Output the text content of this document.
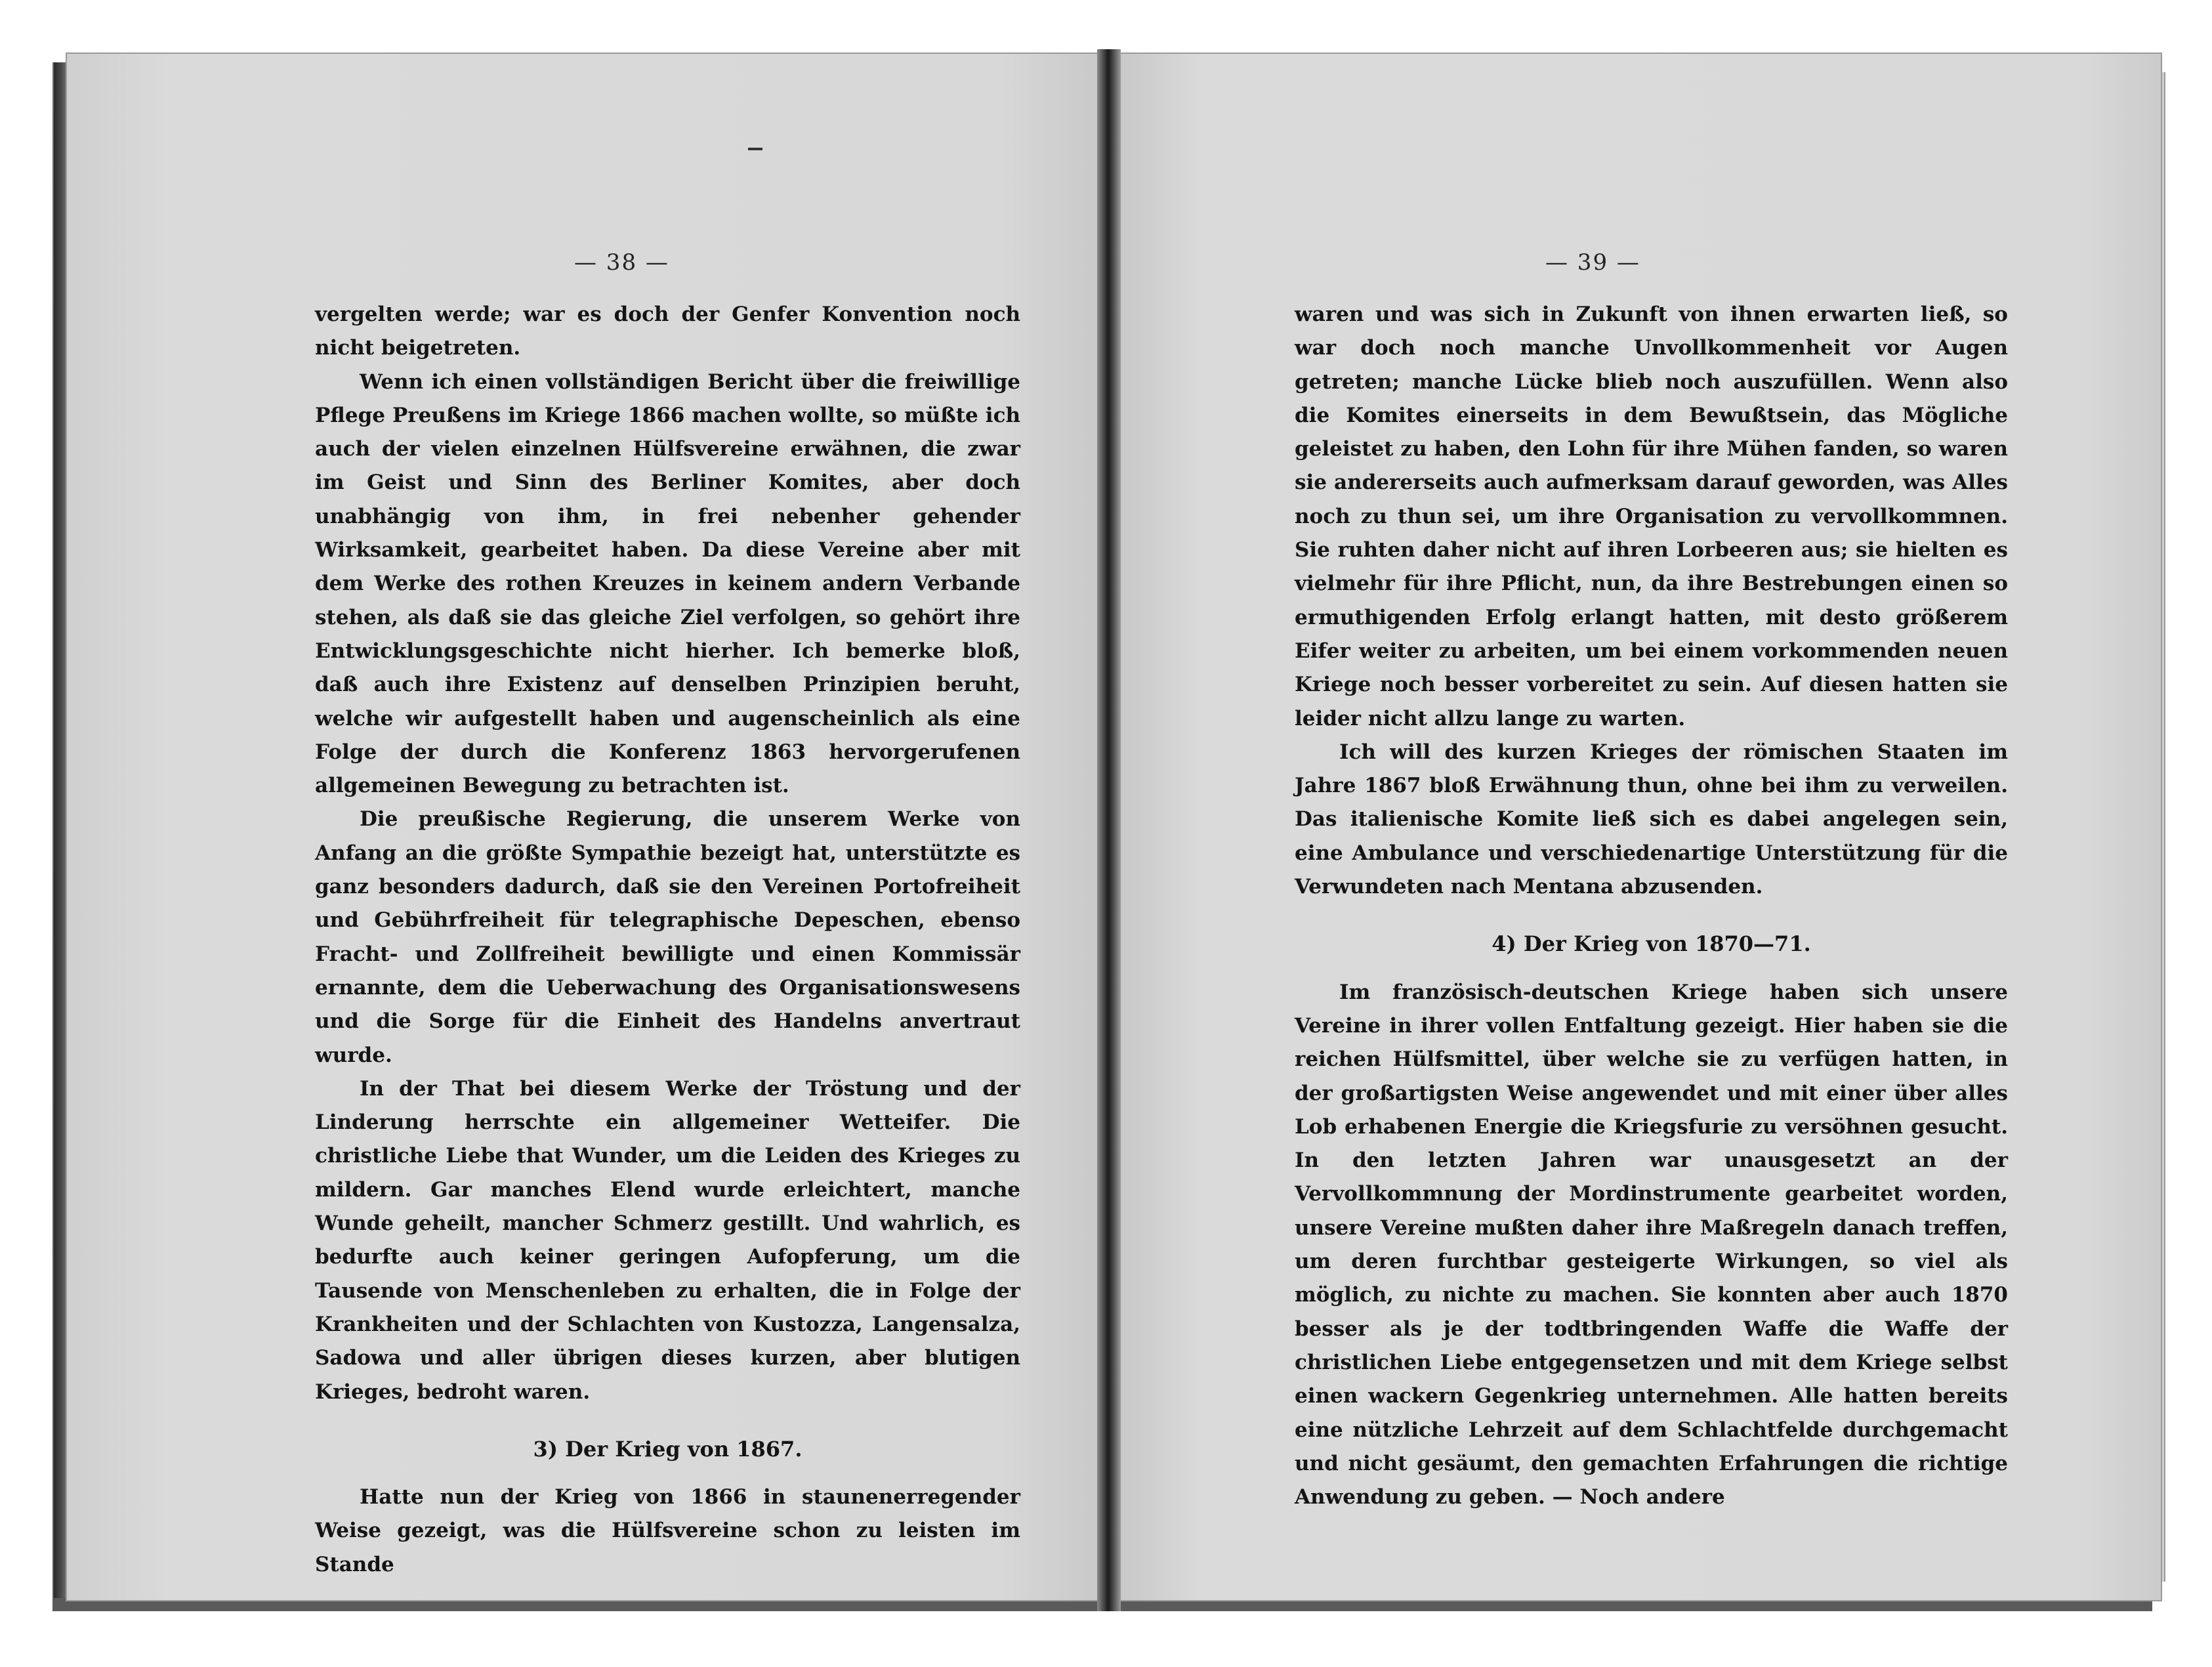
— 38 —

vergelten werde; war es doch der Genfer Konvention noch nicht beigetreten.

Wenn ich einen vollständigen Bericht über die freiwillige Pflege Preußens im Kriege 1866 machen wollte, so müßte ich auch der vielen einzelnen Hülfsvereine erwähnen, die zwar im Geist und Sinn des Berliner Komites, aber doch unabhängig von ihm, in frei nebenher gehender Wirksamkeit, gearbeitet haben. Da diese Vereine aber mit dem Werke des rothen Kreuzes in keinem andern Verbande stehen, als daß sie das gleiche Ziel verfolgen, so gehört ihre Entwicklungsgeschichte nicht hierher. Ich bemerke bloß, daß auch ihre Existenz auf denselben Prinzipien beruht, welche wir aufgestellt haben und augenscheinlich als eine Folge der durch die Konferenz 1863 hervorgerufenen allgemeinen Bewegung zu betrachten ist.

Die preußische Regierung, die unserem Werke von Anfang an die größte Sympathie bezeigt hat, unterstützte es ganz besonders dadurch, daß sie den Vereinen Portofreiheit und Gebührfreiheit für telegraphische Depeschen, ebenso Fracht- und Zollfreiheit bewilligte und einen Kommissär ernannte, dem die Ueberwachung des Organisationswesens und die Sorge für die Einheit des Handelns anvertraut wurde.

In der That bei diesem Werke der Tröstung und der Linderung herrschte ein allgemeiner Wetteifer. Die christliche Liebe that Wunder, um die Leiden des Krieges zu mildern. Gar manches Elend wurde erleichtert, manche Wunde geheilt, mancher Schmerz gestillt. Und wahrlich, es bedurfte auch keiner geringen Aufopferung, um die Tausende von Menschenleben zu erhalten, die in Folge der Krankheiten und der Schlachten von Kustozza, Langensalza, Sadowa und aller übrigen dieses kurzen, aber blutigen Krieges, bedroht waren.

3) Der Krieg von 1867.

Hatte nun der Krieg von 1866 in staunenerregender Weise gezeigt, was die Hülfsvereine schon zu leisten im Stande

— 39 —

waren und was sich in Zukunft von ihnen erwarten ließ, so war doch noch manche Unvollkommenheit vor Augen getreten; manche Lücke blieb noch auszufüllen. Wenn also die Komites einerseits in dem Bewußtsein, das Mögliche geleistet zu haben, den Lohn für ihre Mühen fanden, so waren sie andererseits auch aufmerksam darauf geworden, was Alles noch zu thun sei, um ihre Organisation zu vervollkommnen. Sie ruhten daher nicht auf ihren Lorbeeren aus; sie hielten es vielmehr für ihre Pflicht, nun, da ihre Bestrebungen einen so ermuthigenden Erfolg erlangt hatten, mit desto größerem Eifer weiter zu arbeiten, um bei einem vorkommenden neuen Kriege noch besser vorbereitet zu sein. Auf diesen hatten sie leider nicht allzu lange zu warten.

Ich will des kurzen Krieges der römischen Staaten im Jahre 1867 bloß Erwähnung thun, ohne bei ihm zu verweilen. Das italienische Komite ließ sich es dabei angelegen sein, eine Ambulance und verschiedenartige Unterstützung für die Verwundeten nach Mentana abzusenden.

4) Der Krieg von 1870—71.

Im französisch-deutschen Kriege haben sich unsere Vereine in ihrer vollen Entfaltung gezeigt. Hier haben sie die reichen Hülfsmittel, über welche sie zu verfügen hatten, in der großartigsten Weise angewendet und mit einer über alles Lob erhabenen Energie die Kriegsfurie zu versöhnen gesucht. In den letzten Jahren war unausgesetzt an der Vervollkommnung der Mordinstrumente gearbeitet worden, unsere Vereine mußten daher ihre Maßregeln danach treffen, um deren furchtbar gesteigerte Wirkungen, so viel als möglich, zu nichte zu machen. Sie konnten aber auch 1870 besser als je der todtbringenden Waffe die Waffe der christlichen Liebe entgegensetzen und mit dem Kriege selbst einen wackern Gegenkrieg unternehmen. Alle hatten bereits eine nützliche Lehrzeit auf dem Schlachtfelde durchgemacht und nicht gesäumt, den gemachten Erfahrungen die richtige Anwendung zu geben. — Noch andere
